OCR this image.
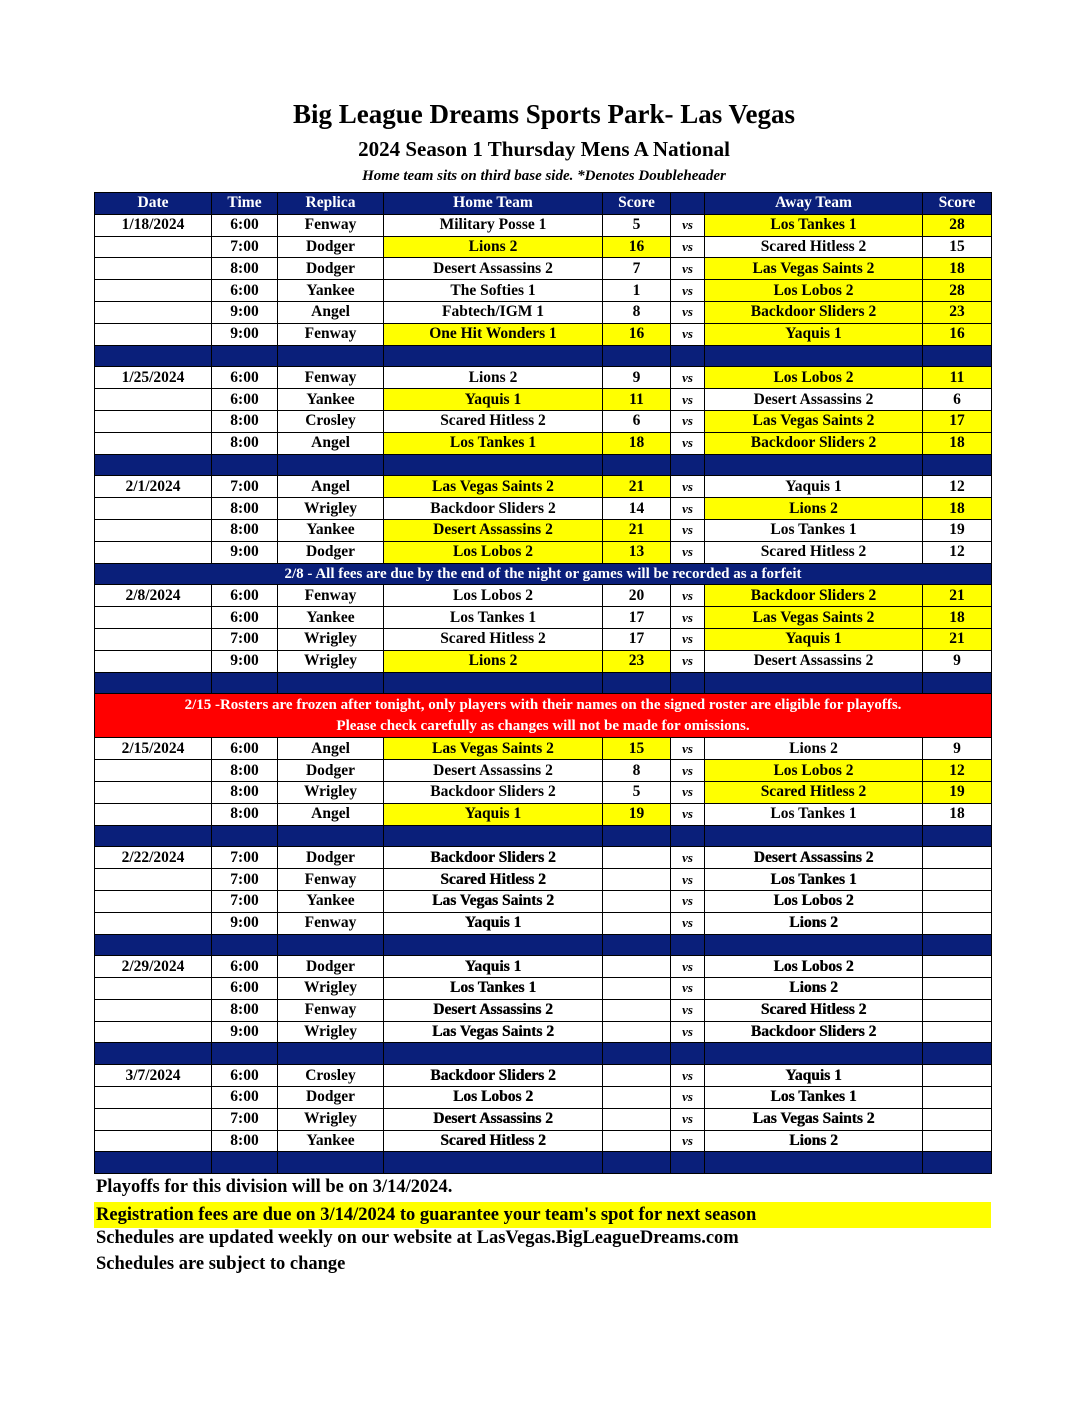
Big League Dreams Sports Park- Las Vegas
2024 Season 1 Thursday Mens A National
Home team sits on third base side. *Denotes Doubleheader
Date	Time	Replica	Home Team	Score		Away Team	Score
1/18/2024	6:00	Fenway	Military Posse 1	5	vs	Los Tankes 1	28
	7:00	Dodger	Lions 2	16	vs	Scared Hitless 2	15
	8:00	Dodger	Desert Assassins 2	7	vs	Las Vegas Saints 2	18
	6:00	Yankee	The Softies 1	1	vs	Los Lobos 2	28
	9:00	Angel	Fabtech/IGM 1	8	vs	Backdoor Sliders 2	23
	9:00	Fenway	One Hit Wonders 1	16	vs	Yaquis 1	16

1/25/2024	6:00	Fenway	Lions 2	9	vs	Los Lobos 2	11
	6:00	Yankee	Yaquis 1	11	vs	Desert Assassins 2	6
	8:00	Crosley	Scared Hitless 2	6	vs	Las Vegas Saints 2	17
	8:00	Angel	Los Tankes 1	18	vs	Backdoor Sliders 2	18

2/1/2024	7:00	Angel	Las Vegas Saints 2	21	vs	Yaquis 1	12
	8:00	Wrigley	Backdoor Sliders 2	14	vs	Lions 2	18
	8:00	Yankee	Desert Assassins 2	21	vs	Los Tankes 1	19
	9:00	Dodger	Los Lobos 2	13	vs	Scared Hitless 2	12
2/8 - All fees are due by the end of the night or games will be recorded as a forfeit							
2/8/2024	6:00	Fenway	Los Lobos 2	20	vs	Backdoor Sliders 2	21
	6:00	Yankee	Los Tankes 1	17	vs	Las Vegas Saints 2	18
	7:00	Wrigley	Scared Hitless 2	17	vs	Yaquis 1	21
	9:00	Wrigley	Lions 2	23	vs	Desert Assassins 2	9

2/15 -Rosters are frozen after tonight, only players with their names on the signed roster are eligible for playoffs.
Please check carefully as changes will not be made for omissions.							

2/15/2024	6:00	Angel	Las Vegas Saints 2	15	vs	Lions 2	9
	8:00	Dodger	Desert Assassins 2	8	vs	Los Lobos 2	12
	8:00	Wrigley	Backdoor Sliders 2	5	vs	Scared Hitless 2	19
	8:00	Angel	Yaquis 1	19	vs	Los Tankes 1	18

2/22/2024	7:00	Dodger	Backdoor Sliders 2		vs	Desert Assassins 2	
	7:00	Fenway	Scared Hitless 2		vs	Los Tankes 1	
	7:00	Yankee	Las Vegas Saints 2		vs	Los Lobos 2	
	9:00	Fenway	Yaquis 1		vs	Lions 2	

2/29/2024	6:00	Dodger	Yaquis 1		vs	Los Lobos 2	
	6:00	Wrigley	Los Tankes 1		vs	Lions 2	
	8:00	Fenway	Desert Assassins 2		vs	Scared Hitless 2	
	9:00	Wrigley	Las Vegas Saints 2		vs	Backdoor Sliders 2	

3/7/2024	6:00	Crosley	Backdoor Sliders 2		vs	Yaquis 1	
	6:00	Dodger	Los Lobos 2		vs	Los Tankes 1	
	7:00	Wrigley	Desert Assassins 2		vs	Las Vegas Saints 2	
	8:00	Yankee	Scared Hitless 2		vs	Lions 2	

Playoffs for this division will be on 3/14/2024.
Registration fees are due on 3/14/2024 to guarantee your team's spot for next season
Schedules are updated weekly on our website at LasVegas.BigLeagueDreams.com
Schedules are subject to change
